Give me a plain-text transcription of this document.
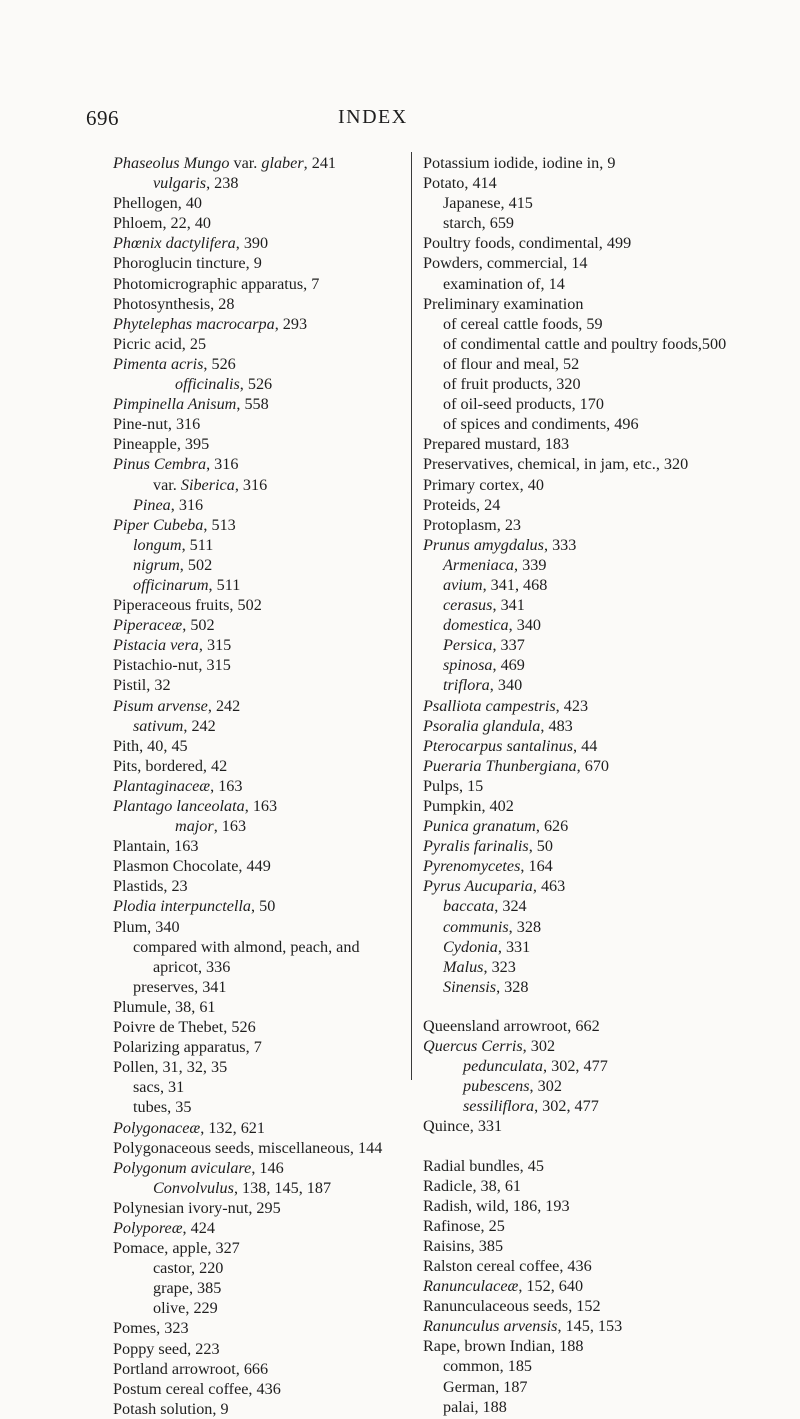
696	INDEX
Phaseolus Mungo var. glaber, 241
vulgaris, 238
Phellogen, 40
Phloem, 22, 40
Phœnix dactylifera, 390
Phoroglucin tincture, 9
Photomicrographic apparatus, 7
Photosynthesis, 28
Phytelephas macrocarpa, 293
Picric acid, 25
Pimenta acris, 526
officinalis, 526
Pimpinella Anisum, 558
Pine-nut, 316
Pineapple, 395
Pinus Cembra, 316
var. Siberica, 316
Pinea, 316
Piper Cubeba, 513
longum, 511
nigrum, 502
officinarum, 511
Piperaceous fruits, 502
Piperaceæ, 502
Pistacia vera, 315
Pistachio-nut, 315
Pistil, 32
Pisum arvense, 242
sativum, 242
Pith, 40, 45
Pits, bordered, 42
Plantaginaceæ, 163
Plantago lanceolata, 163
major, 163
Plantain, 163
Plasmon Chocolate, 449
Plastids, 23
Plodia interpunctella, 50
Plum, 340
compared with almond, peach, and
apricot, 336
preserves, 341
Plumule, 38, 61
Poivre de Thebet, 526
Polarizing apparatus, 7
Pollen, 31, 32, 35
sacs, 31
tubes, 35
Polygonaceæ, 132, 621
Polygonaceous seeds, miscellaneous, 144
Polygonum aviculare, 146
Convolvulus, 138, 145, 187
Polynesian ivory-nut, 295
Polyporeæ, 424
Pomace, apple, 327
castor, 220
grape, 385
olive, 229
Pomes, 323
Poppy seed, 223
Portland arrowroot, 666
Postum cereal coffee, 436
Potash solution, 9
Potassium iodide, iodine in, 9
Potato, 414
Japanese, 415
starch, 659
Poultry foods, condimental, 499
Powders, commercial, 14
examination of, 14
Preliminary examination
of cereal cattle foods, 59
of condimental cattle and poultry foods,500
of flour and meal, 52
of fruit products, 320
of oil-seed products, 170
of spices and condiments, 496
Prepared mustard, 183
Preservatives, chemical, in jam, etc., 320
Primary cortex, 40
Proteids, 24
Protoplasm, 23
Prunus amygdalus, 333
Armeniaca, 339
avium, 341, 468
cerasus, 341
domestica, 340
Persica, 337
spinosa, 469
triflora, 340
Psalliota campestris, 423
Psoralia glandula, 483
Pterocarpus santalinus, 44
Pueraria Thunbergiana, 670
Pulps, 15
Pumpkin, 402
Punica granatum, 626
Pyralis farinalis, 50
Pyrenomycetes, 164
Pyrus Aucuparia, 463
baccata, 324
communis, 328
Cydonia, 331
Malus, 323
Sinensis, 328
Queensland arrowroot, 662
Quercus Cerris, 302
pedunculata, 302, 477
pubescens, 302
sessiliflora, 302, 477
Quince, 331
Radial bundles, 45
Radicle, 38, 61
Radish, wild, 186, 193
Rafinose, 25
Raisins, 385
Ralston cereal coffee, 436
Ranunculaceæ, 152, 640
Ranunculaceous seeds, 152
Ranunculus arvensis, 145, 153
Rape, brown Indian, 188
common, 185
German, 187
palai, 188
